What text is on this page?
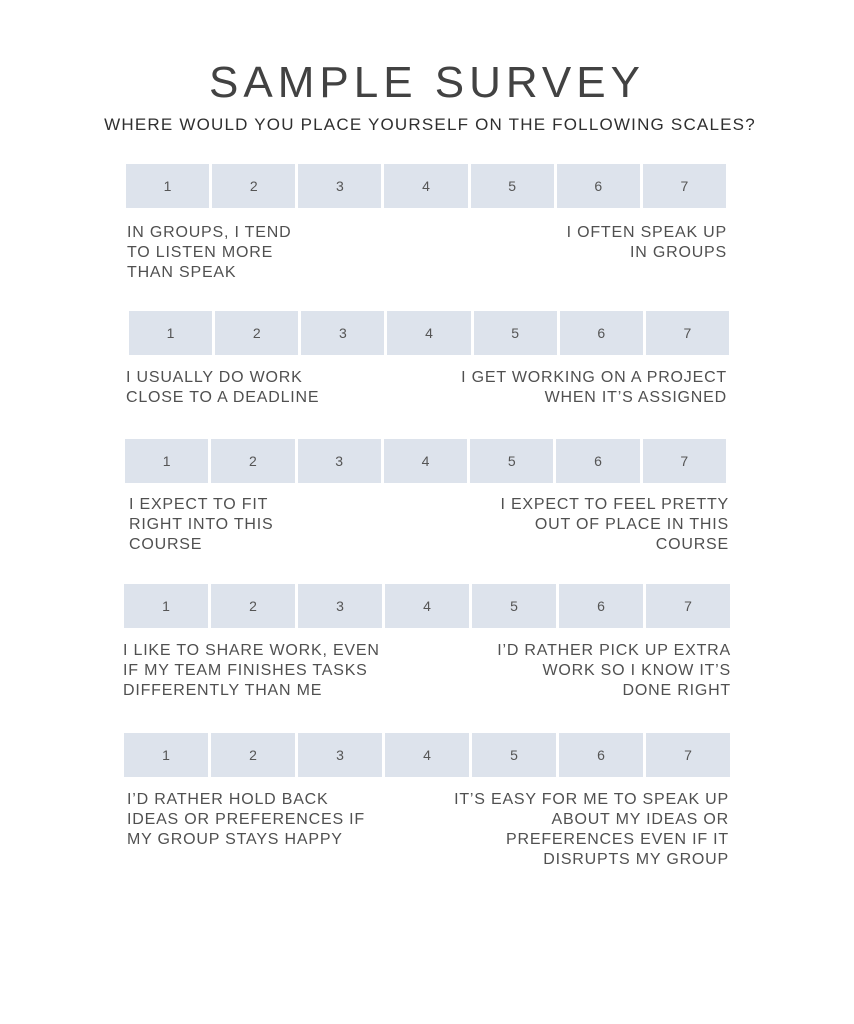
SAMPLE SURVEY

WHERE WOULD YOU PLACE YOURSELF ON THE FOLLOWING SCALES?

1	2	3	4	5	6	7
IN GROUPS, I TEND
TO LISTEN MORE
THAN SPEAK
I OFTEN SPEAK UP
IN GROUPS
1	2	3	4	5	6	7
I USUALLY DO WORK
CLOSE TO A DEADLINE
I GET WORKING ON A PROJECT
WHEN IT’S ASSIGNED
1	2	3	4	5	6	7
I EXPECT TO FIT
RIGHT INTO THIS
COURSE
I EXPECT TO FEEL PRETTY
OUT OF PLACE IN THIS
COURSE
1	2	3	4	5	6	7
I LIKE TO SHARE WORK, EVEN
IF MY TEAM FINISHES TASKS
DIFFERENTLY THAN ME
I’D RATHER PICK UP EXTRA
WORK SO I KNOW IT’S
DONE RIGHT
1	2	3	4	5	6	7
I’D RATHER HOLD BACK
IDEAS OR PREFERENCES IF
MY GROUP STAYS HAPPY
IT’S EASY FOR ME TO SPEAK UP
ABOUT MY IDEAS OR
PREFERENCES EVEN IF IT
DISRUPTS MY GROUP
